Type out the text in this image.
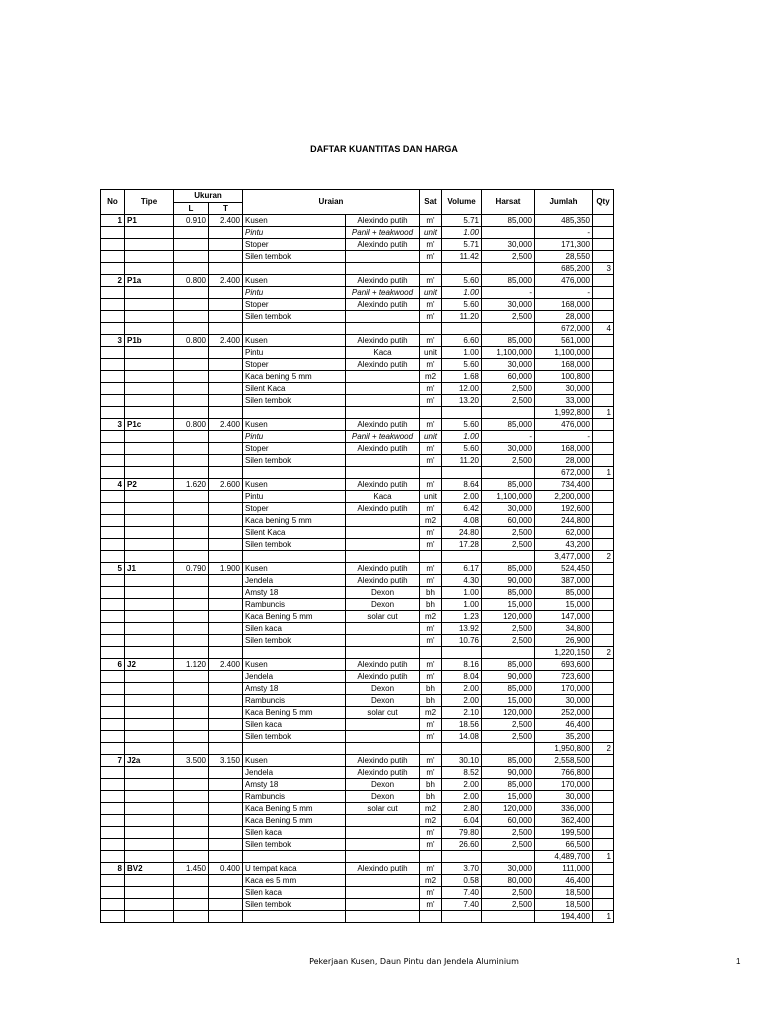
DAFTAR KUANTITAS DAN HARGA
No	Tipe	Ukuran		Uraian		Sat	Volume	Harsat	Jumlah	Qty
		L	T							
1	P1	0.910	2.400	Kusen	Alexindo putih	m'	5.71	85,000	485,350	
				Pintu	Panil + teakwood	unit	1.00		-	
				Stoper	Alexindo putih	m'	5.71	30,000	171,300	
				Silen tembok		m'	11.42	2,500	28,550	
									685,200	3
2	P1a	0.800	2.400	Kusen	Alexindo putih	m'	5.60	85,000	476,000	
				Pintu	Panil + teakwood	unit	1.00	-	-	
				Stoper	Alexindo putih	m'	5.60	30,000	168,000	
				Silen tembok		m'	11.20	2,500	28,000	
									672,000	4
3	P1b	0.800	2.400	Kusen	Alexindo putih	m'	6.60	85,000	561,000	
				Pintu	Kaca	unit	1.00	1,100,000	1,100,000	
				Stoper	Alexindo putih	m'	5.60	30,000	168,000	
				Kaca bening 5 mm		m2	1.68	60,000	100,800	
				Silent Kaca		m'	12.00	2,500	30,000	
				Silen tembok		m'	13.20	2,500	33,000	
									1,992,800	1
3	P1c	0.800	2.400	Kusen	Alexindo putih	m'	5.60	85,000	476,000	
				Pintu	Panil + teakwood	unit	1.00	-	-	
				Stoper	Alexindo putih	m'	5.60	30,000	168,000	
				Silen tembok		m'	11.20	2,500	28,000	
									672,000	1
4	P2	1.620	2.600	Kusen	Alexindo putih	m'	8.64	85,000	734,400	
				Pintu	Kaca	unit	2.00	1,100,000	2,200,000	
				Stoper	Alexindo putih	m'	6.42	30,000	192,600	
				Kaca bening 5 mm		m2	4.08	60,000	244,800	
				Silent Kaca		m'	24.80	2,500	62,000	
				Silen tembok		m'	17.28	2,500	43,200	
									3,477,000	2
5	J1	0.790	1.900	Kusen	Alexindo putih	m'	6.17	85,000	524,450	
				Jendela	Alexindo putih	m'	4.30	90,000	387,000	
				Amsty 18	Dexon	bh	1.00	85,000	85,000	
				Rambuncis	Dexon	bh	1.00	15,000	15,000	
				Kaca Bening 5 mm	solar cut	m2	1.23	120,000	147,000	
				Silen kaca		m'	13.92	2,500	34,800	
				Silen tembok		m'	10.76	2,500	26,900	
									1,220,150	2
6	J2	1.120	2.400	Kusen	Alexindo putih	m'	8.16	85,000	693,600	
				Jendela	Alexindo putih	m'	8.04	90,000	723,600	
				Amsty 18	Dexon	bh	2.00	85,000	170,000	
				Rambuncis	Dexon	bh	2.00	15,000	30,000	
				Kaca Bening 5 mm	solar cut	m2	2.10	120,000	252,000	
				Silen kaca		m'	18.56	2,500	46,400	
				Silen tembok		m'	14.08	2,500	35,200	
									1,950,800	2
7	J2a	3.500	3.150	Kusen	Alexindo putih	m'	30.10	85,000	2,558,500	
				Jendela	Alexindo putih	m'	8.52	90,000	766,800	
				Amsty 18	Dexon	bh	2.00	85,000	170,000	
				Rambuncis	Dexon	bh	2.00	15,000	30,000	
				Kaca Bening 5 mm	solar cut	m2	2.80	120,000	336,000	
				Kaca Bening 5 mm		m2	6.04	60,000	362,400	
				Silen kaca		m'	79.80	2,500	199,500	
				Silen tembok		m'	26.60	2,500	66,500	
									4,489,700	1
8	BV2	1.450	0.400	U tempat kaca	Alexindo putih	m'	3.70	30,000	111,000	
				Kaca es 5 mm		m2	0.58	80,000	46,400	
				Silen kaca		m'	7.40	2,500	18,500	
				Silen tembok		m'	7.40	2,500	18,500	
									194,400	1
Pekerjaan Kusen, Daun Pintu dan Jendela Aluminium	1
